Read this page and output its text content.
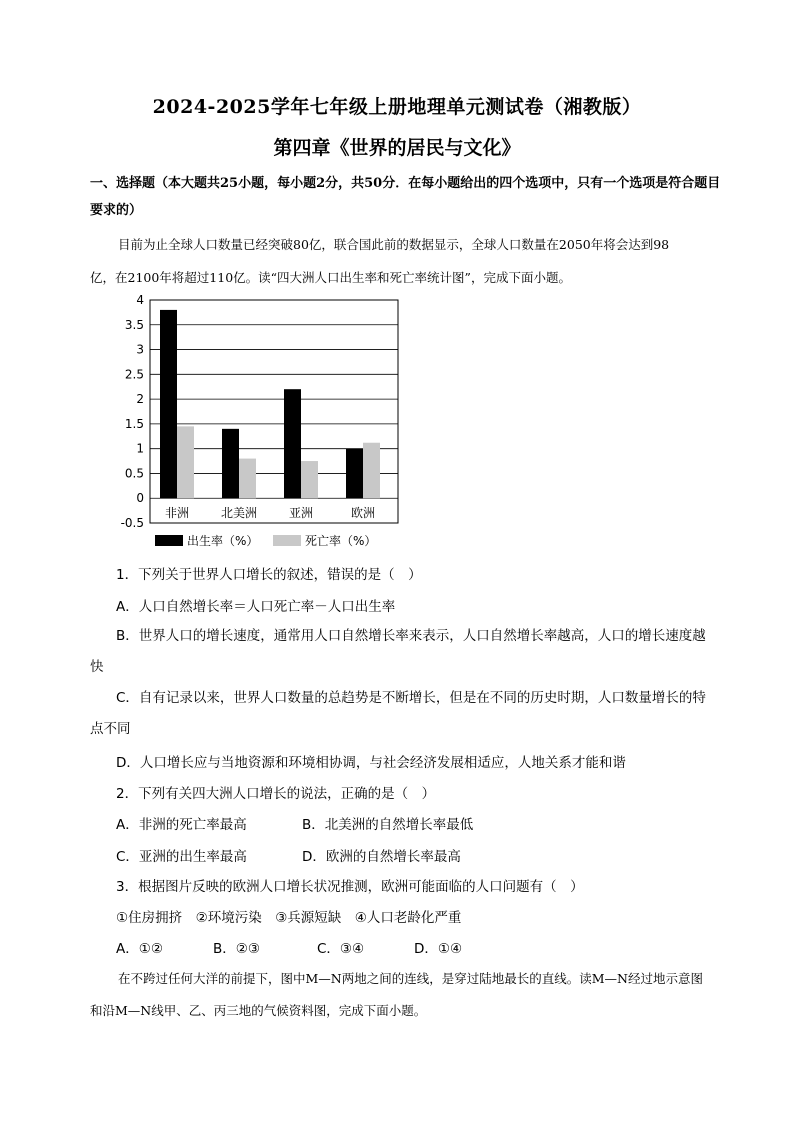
2024-2025学年七年级上册地理单元测试卷（湘教版）
第四章《世界的居民与文化》
一、选择题（本大题共25小题，每小题2分，共50分．在每小题给出的四个选项中，只有一个选项是符合题目要求的）
目前为止全球人口数量已经突破80亿，联合国此前的数据显示，全球人口数量在2050年将会达到98亿，在2100年将超过110亿。读“四大洲人口出生率和死亡率统计图”，完成下面小题。
4
3.5
3
2.5
2
1.5
1
0.5
0
-0.5
非洲	北美洲	亚洲	欧洲
出生率（%）	死亡率（%）
1．下列关于世界人口增长的叙述，错误的是（　）
A．人口自然增长率＝人口死亡率－人口出生率
B．世界人口的增长速度，通常用人口自然增长率来表示，人口自然增长率越高，人口的增长速度越快
C．自有记录以来，世界人口数量的总趋势是不断增长，但是在不同的历史时期，人口数量增长的特点不同
D．人口增长应与当地资源和环境相协调，与社会经济发展相适应，人地关系才能和谐
2．下列有关四大洲人口增长的说法，正确的是（　）
A．非洲的死亡率最高	B．北美洲的自然增长率最低
C．亚洲的出生率最高	D．欧洲的自然增长率最高
3．根据图片反映的欧洲人口增长状况推测，欧洲可能面临的人口问题有（　）
①住房拥挤　②环境污染　③兵源短缺　④人口老龄化严重
A．①②	B．②③	C．③④	D．①④
在不跨过任何大洋的前提下，图中M—N两地之间的连线，是穿过陆地最长的直线。读M—N经过地示意图和沿M—N线甲、乙、丙三地的气候资料图，完成下面小题。
